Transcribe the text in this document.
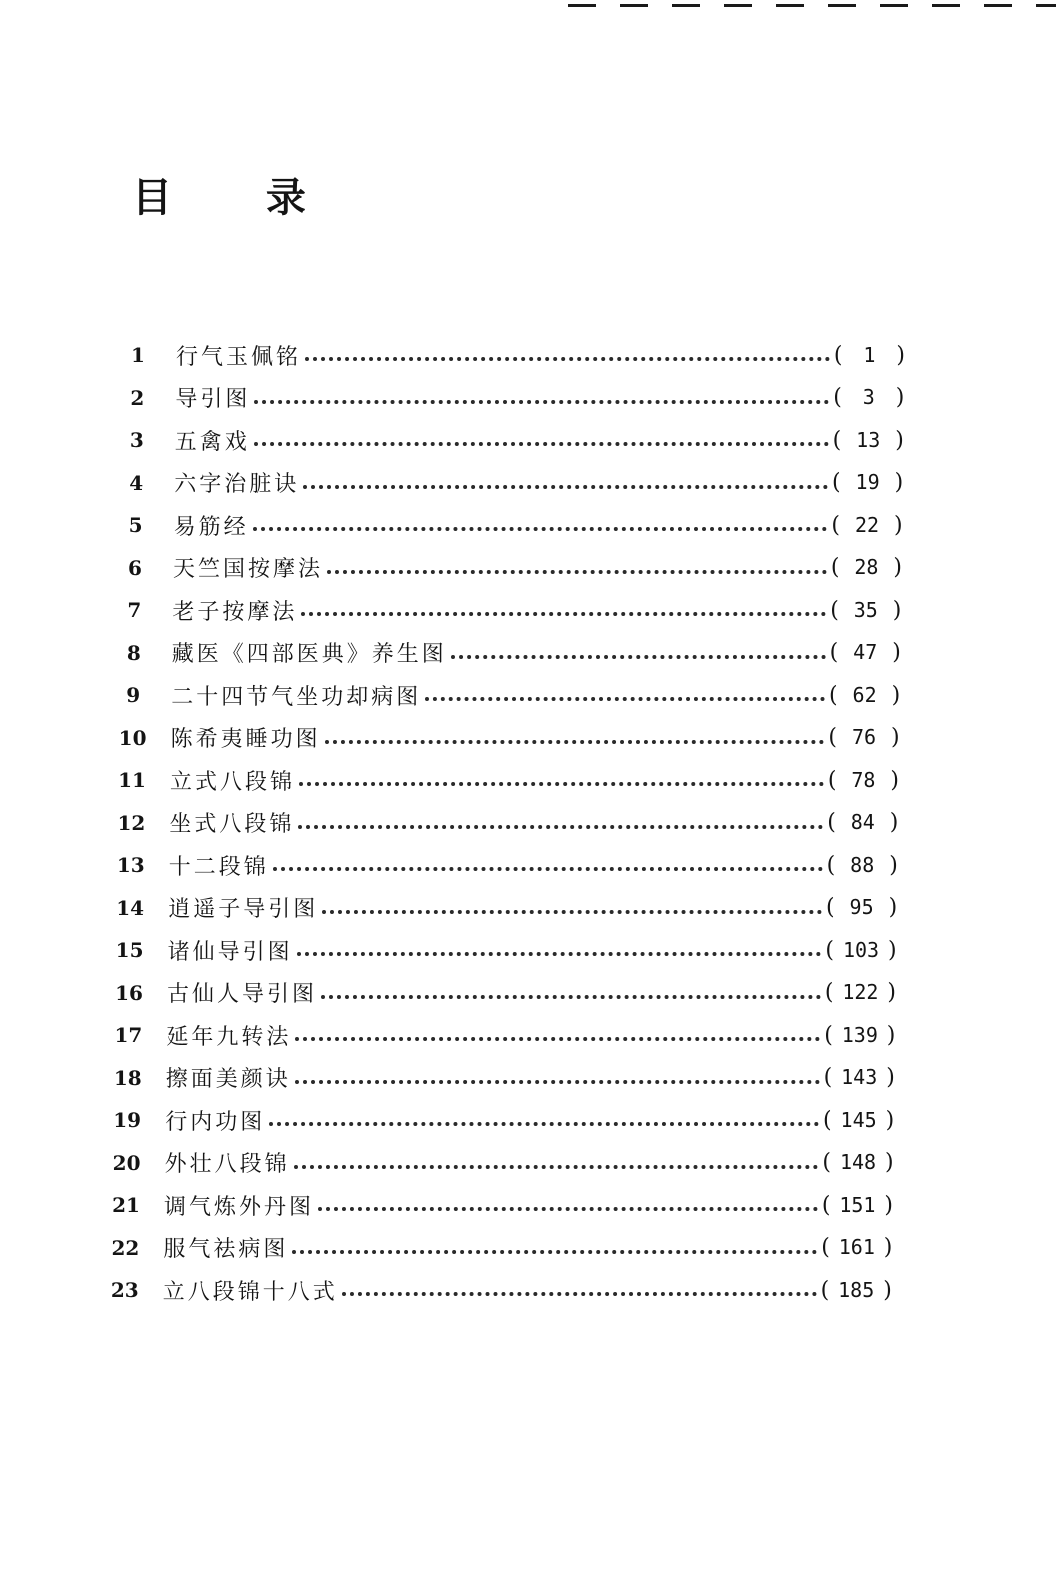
目 录
1	行气玉佩铭	( 1 )
2	导引图	( 3 )
3	五禽戏	( 13 )
4	六字治脏诀	( 19 )
5	易筋经	( 22 )
6	天竺国按摩法	( 28 )
7	老子按摩法	( 35 )
8	藏医《四部医典》养生图	( 47 )
9	二十四节气坐功却病图	( 62 )
10 陈希夷睡功图	( 76 )
11 立式八段锦	( 78 )
12 坐式八段锦	( 84 )
13 十二段锦	( 88 )
14 逍遥子导引图	( 95 )
15 诸仙导引图	( 103 )
16 古仙人导引图	( 122 )
17 延年九转法	( 139 )
18 擦面美颜诀	( 143 )
19 行内功图	( 145 )
20 外壮八段锦	( 148 )
21 调气炼外丹图	( 151 )
22 服气祛病图	( 161 )
23 立八段锦十八式	( 185 )
